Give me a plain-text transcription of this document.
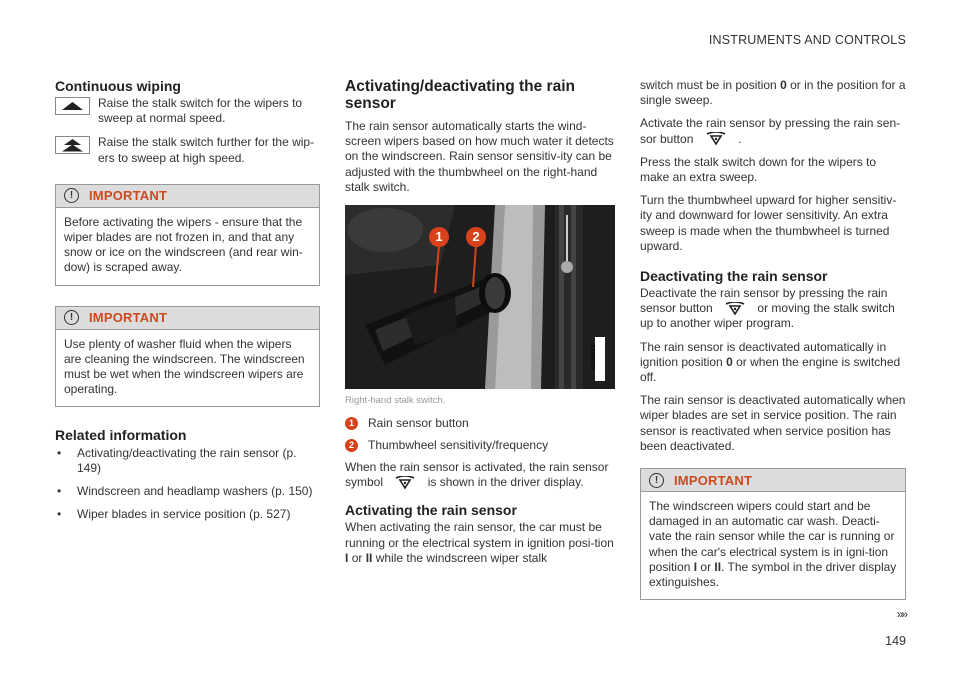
INSTRUMENTS AND CONTROLS
Continuous wiping

Raise the stalk switch for the wipers to sweep at normal speed.

Raise the stalk switch further for the wip-ers to sweep at high speed.

!	IMPORTANT

Before activating the wipers - ensure that the wiper blades are not frozen in, and that any snow or ice on the windscreen (and rear win-dow) is scraped away.

!	IMPORTANT

Use plenty of washer fluid when the wipers are cleaning the windscreen. The windscreen must be wet when the windscreen wipers are operating.

Related information
• Activating/deactivating the rain sensor (p. 149)
• Windscreen and headlamp washers (p. 150)
• Wiper blades in service position (p. 527)
Activating/deactivating the rain sensor

The rain sensor automatically starts the wind-screen wipers based on how much water it detects on the windscreen. Rain sensor sensitiv-ity can be adjusted with the thumbwheel on the right-hand stalk switch.

1	2
G058983
Right-hand stalk switch.
1	Rain sensor button
2	Thumbwheel sensitivity/frequency

When the rain sensor is activated, the rain sensor symbol	is shown in the driver display.

Activating the rain sensor

When activating the rain sensor, the car must be running or the electrical system in ignition posi-tion I or II while the windscreen wiper stalk

switch must be in position 0 or in the position for a single sweep.

Activate the rain sensor by pressing the rain sen-sor button	.

Press the stalk switch down for the wipers to make an extra sweep.

Turn the thumbwheel upward for higher sensitiv-ity and downward for lower sensitivity. An extra sweep is made when the thumbwheel is turned upward.

Deactivating the rain sensor

Deactivate the rain sensor by pressing the rain sensor button	or moving the stalk switch up to another wiper program.

The rain sensor is deactivated automatically in ignition position 0 or when the engine is switched off.

The rain sensor is deactivated automatically when wiper blades are set in service position. The rain sensor is reactivated when service position has been deactivated.

!	IMPORTANT

The windscreen wipers could start and be damaged in an automatic car wash. Deacti-vate the rain sensor while the car is running or when the car's electrical system is in igni-tion position I or II. The symbol in the driver display extinguishes.

»»
149
